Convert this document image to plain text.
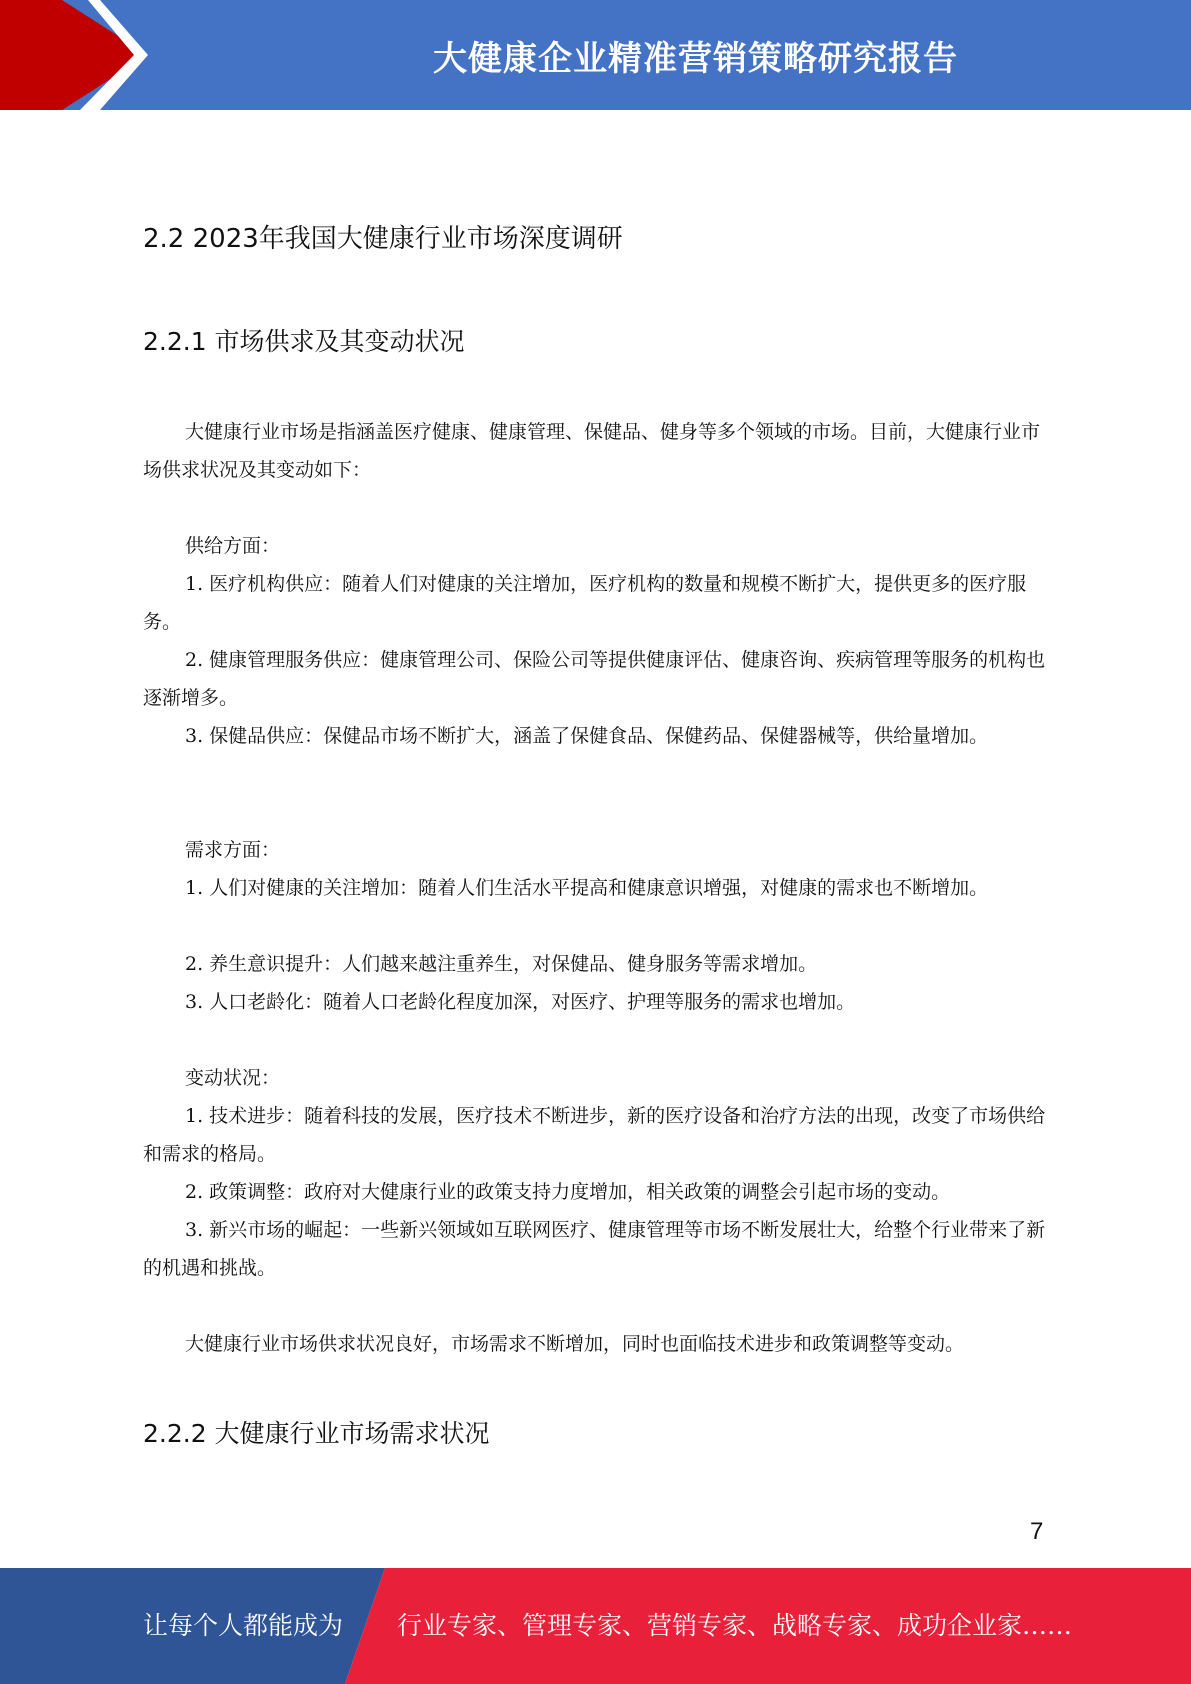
大健康企业精准营销策略研究报告
2.2 2023年我国大健康行业市场深度调研
2.2.1 市场供求及其变动状况
大健康行业市场是指涵盖医疗健康、健康管理、保健品、健身等多个领域的市场。目前，大健康行业市场供求状况及其变动如下：
供给方面：
1. 医疗机构供应：随着人们对健康的关注增加，医疗机构的数量和规模不断扩大，提供更多的医疗服务。
2. 健康管理服务供应：健康管理公司、保险公司等提供健康评估、健康咨询、疾病管理等服务的机构也逐渐增多。
3. 保健品供应：保健品市场不断扩大，涵盖了保健食品、保健药品、保健器械等，供给量增加。
需求方面：
1. 人们对健康的关注增加：随着人们生活水平提高和健康意识增强，对健康的需求也不断增加。
2. 养生意识提升：人们越来越注重养生，对保健品、健身服务等需求增加。
3. 人口老龄化：随着人口老龄化程度加深，对医疗、护理等服务的需求也增加。
变动状况：
1. 技术进步：随着科技的发展，医疗技术不断进步，新的医疗设备和治疗方法的出现，改变了市场供给和需求的格局。
2. 政策调整：政府对大健康行业的政策支持力度增加，相关政策的调整会引起市场的变动。
3. 新兴市场的崛起：一些新兴领域如互联网医疗、健康管理等市场不断发展壮大，给整个行业带来了新的机遇和挑战。
大健康行业市场供求状况良好，市场需求不断增加，同时也面临技术进步和政策调整等变动。
2.2.2 大健康行业市场需求状况
7
让每个人都能成为 行业专家、管理专家、营销专家、战略专家、成功企业家……
